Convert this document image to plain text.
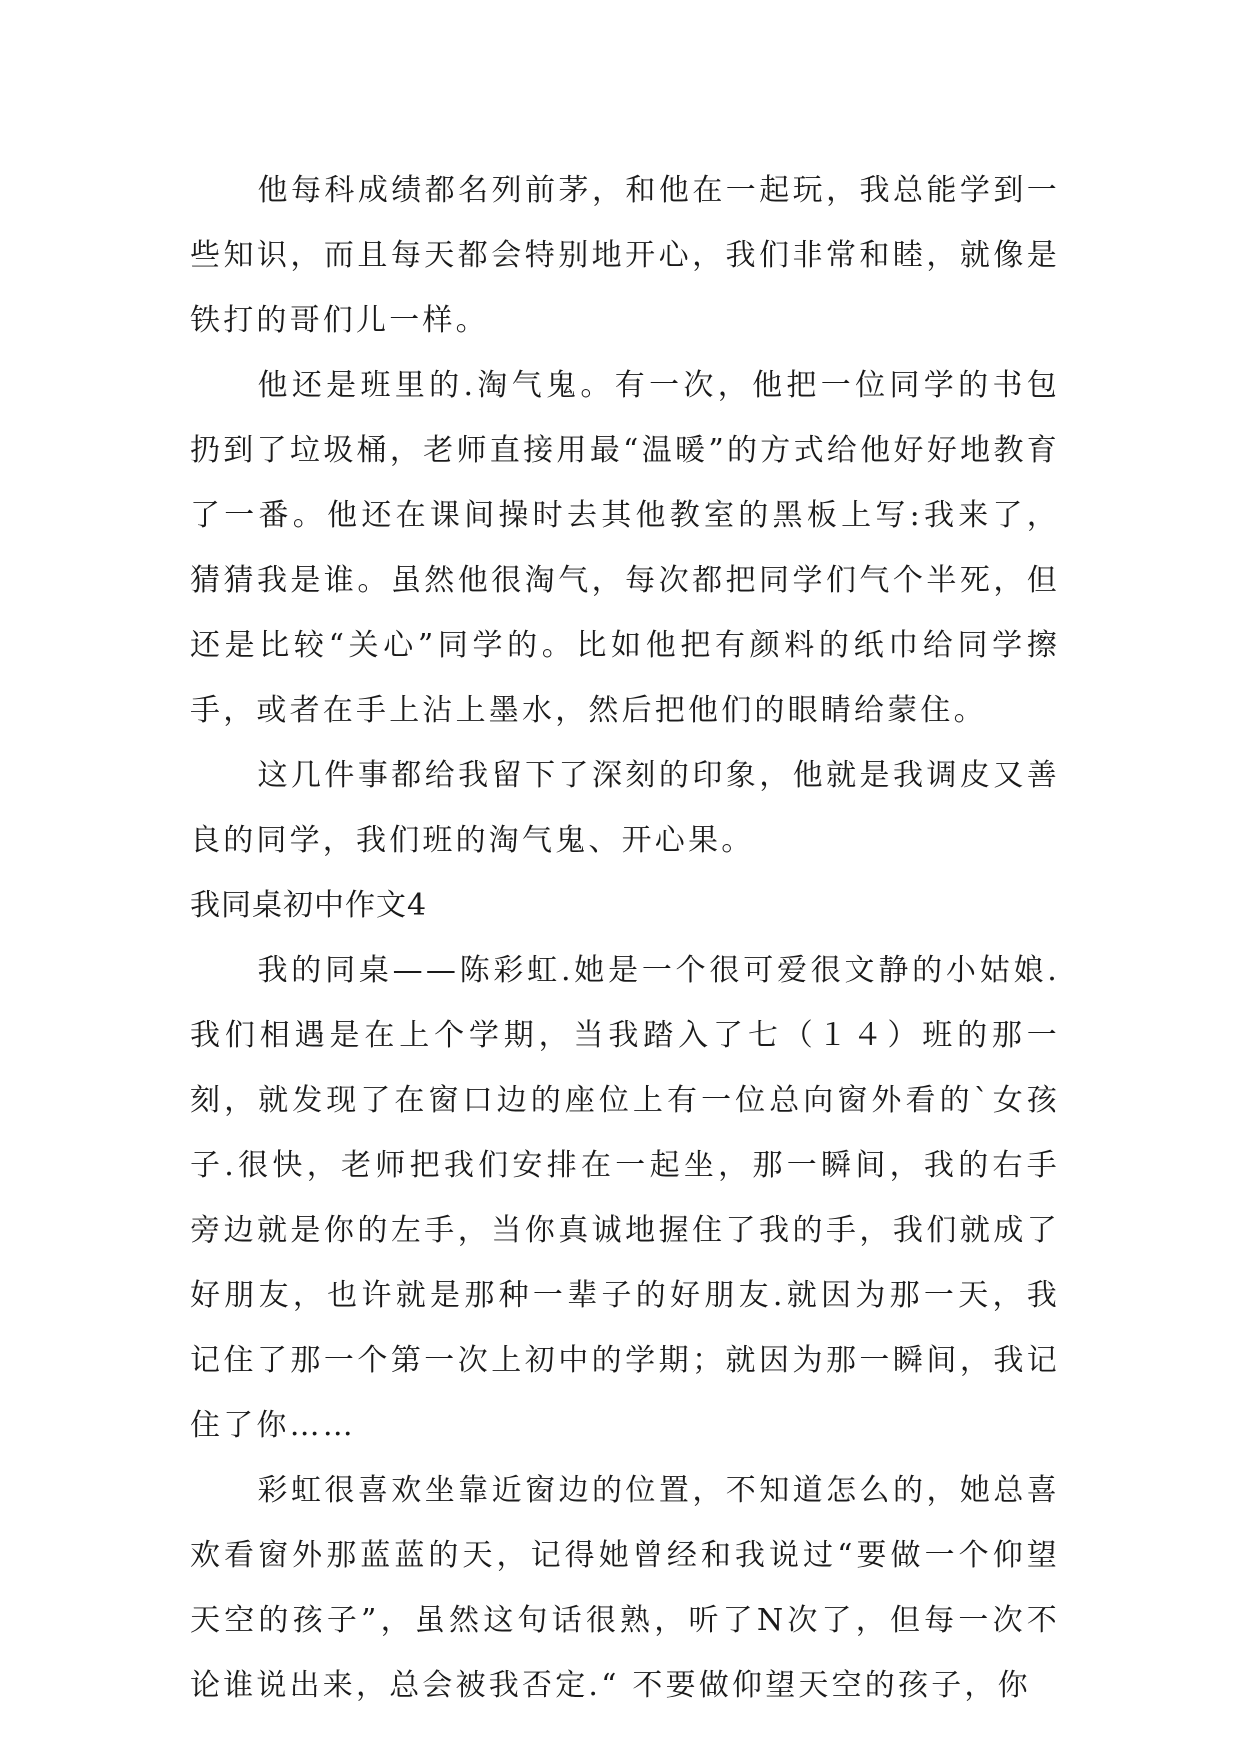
他每科成绩都名列前茅，和他在一起玩，我总能学到一些知识，而且每天都会特别地开心，我们非常和睦，就像是铁打的哥们儿一样。

他还是班里的.淘气鬼。有一次，他把一位同学的书包扔到了垃圾桶，老师直接用最“温暖”的方式给他好好地教育了一番。他还在课间操时去其他教室的黑板上写:我来了，猜猜我是谁。虽然他很淘气，每次都把同学们气个半死，但还是比较“关心”同学的。比如他把有颜料的纸巾给同学擦手，或者在手上沾上墨水，然后把他们的眼睛给蒙住。

这几件事都给我留下了深刻的印象，他就是我调皮又善良的同学，我们班的淘气鬼、开心果。

我同桌初中作文4

我的同桌——陈彩虹.她是一个很可爱很文静的小姑娘.我们相遇是在上个学期，当我踏入了七（１４）班的那一刻，就发现了在窗口边的座位上有一位总向窗外看的`女孩子.很快，老师把我们安排在一起坐，那一瞬间，我的右手旁边就是你的左手，当你真诚地握住了我的手，我们就成了好朋友，也许就是那种一辈子的好朋友.就因为那一天，我记住了那一个第一次上初中的学期；就因为那一瞬间，我记住了你……

彩虹很喜欢坐靠近窗边的位置，不知道怎么的，她总喜欢看窗外那蓝蓝的天，记得她曾经和我说过“要做一个仰望天空的孩子”，虽然这句话很熟，听了N次了，但每一次不论谁说出来，总会被我否定.“ 不要做仰望天空的孩子，你
